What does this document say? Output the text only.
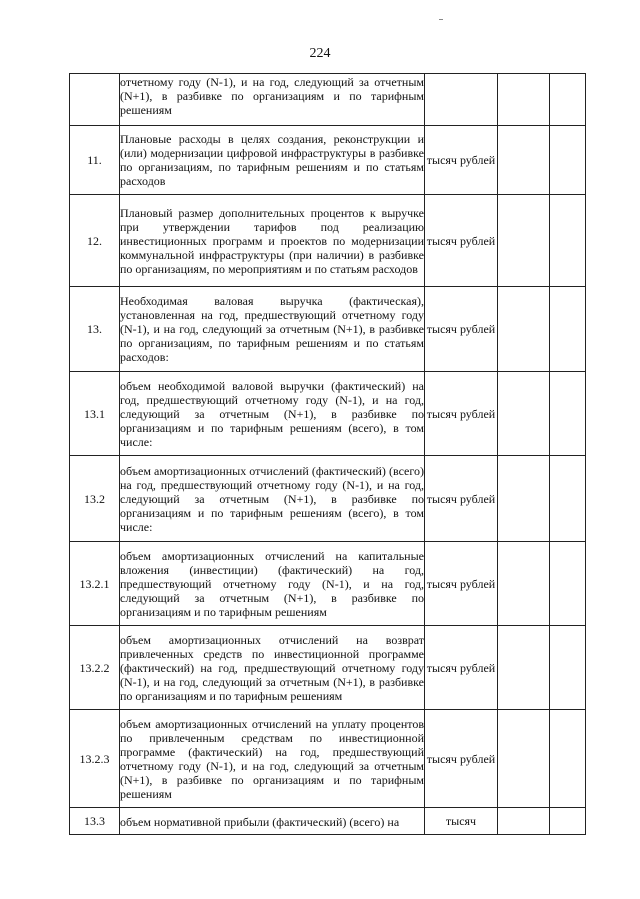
224
	отчетному году (N-1), и на год, следующий за отчетным (N+1), в разбивке по организациям и по тарифным решениям			
11.	Плановые расходы в целях создания, реконструкции и (или) модернизации цифровой инфраструктуры в разбивке по организациям, по тарифным решениям и по статьям расходов	тысяч рублей		
12.	Плановый размер дополнительных процентов к выручке при утверждении тарифов под реализацию инвестиционных программ и проектов по модернизации коммунальной инфраструктуры (при наличии) в разбивке по организациям, по мероприятиям и по статьям расходов	тысяч рублей		
13.	Необходимая валовая выручка (фактическая), установленная на год, предшествующий отчетному году (N-1), и на год, следующий за отчетным (N+1), в разбивке по организациям, по тарифным решениям и по статьям расходов:	тысяч рублей		
13.1	объем необходимой валовой выручки (фактический) на год, предшествующий отчетному году (N-1), и на год, следующий за отчетным (N+1), в разбивке по организациям и по тарифным решениям (всего), в том числе:	тысяч рублей		
13.2	объем амортизационных отчислений (фактический) (всего) на год, предшествующий отчетному году (N-1), и на год, следующий за отчетным (N+1), в разбивке по организациям и по тарифным решениям (всего), в том числе:	тысяч рублей		
13.2.1	объем амортизационных отчислений на капитальные вложения (инвестиции) (фактический) на год, предшествующий отчетному году (N-1), и на год, следующий за отчетным (N+1), в разбивке по организациям и по тарифным решениям	тысяч рублей		
13.2.2	объем амортизационных отчислений на возврат привлеченных средств по инвестиционной программе (фактический) на год, предшествующий отчетному году (N-1), и на год, следующий за отчетным (N+1), в разбивке по организациям и по тарифным решениям	тысяч рублей		
13.2.3	объем амортизационных отчислений на уплату процентов по привлеченным средствам по инвестиционной программе (фактический) на год, предшествующий отчетному году (N-1), и на год, следующий за отчетным (N+1), в разбивке по организациям и по тарифным решениям	тысяч рублей		
13.3	объем нормативной прибыли (фактический) (всего) на	тысяч		
